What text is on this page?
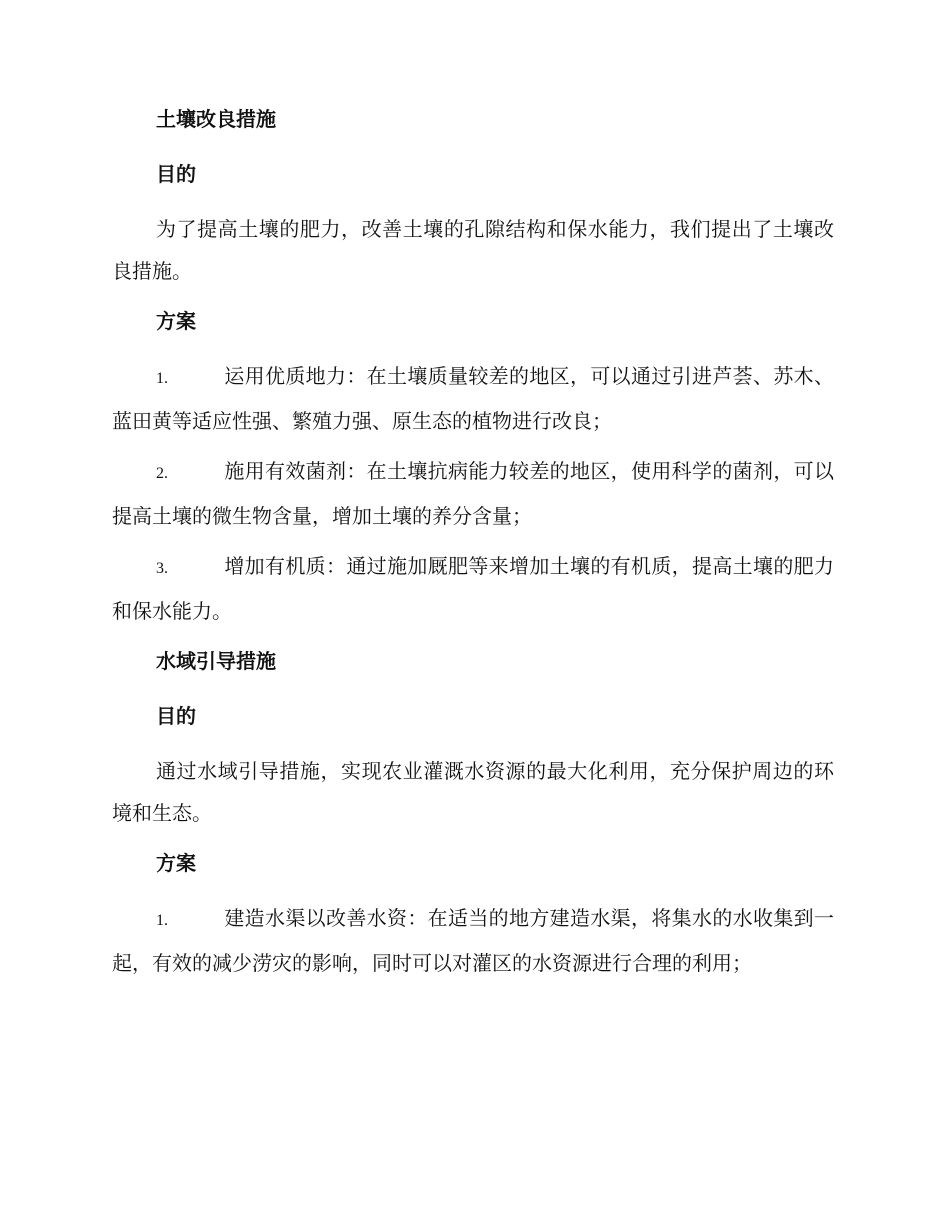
土壤改良措施
目的

为了提高土壤的肥力，改善土壤的孔隙结构和保水能力，我们提出了土壤改良措施。

方案

1.	运用优质地力：在土壤质量较差的地区，可以通过引进芦荟、苏木、蓝田黄等适应性强、繁殖力强、原生态的植物进行改良；

2.	施用有效菌剂：在土壤抗病能力较差的地区，使用科学的菌剂，可以提高土壤的微生物含量，增加土壤的养分含量；

3.	增加有机质：通过施加厩肥等来增加土壤的有机质，提高土壤的肥力和保水能力。

水域引导措施
目的

通过水域引导措施，实现农业灌溉水资源的最大化利用，充分保护周边的环境和生态。

方案

1.	建造水渠以改善水资：在适当的地方建造水渠，将集水的水收集到一起，有效的减少涝灾的影响，同时可以对灌区的水资源进行合理的利用；
